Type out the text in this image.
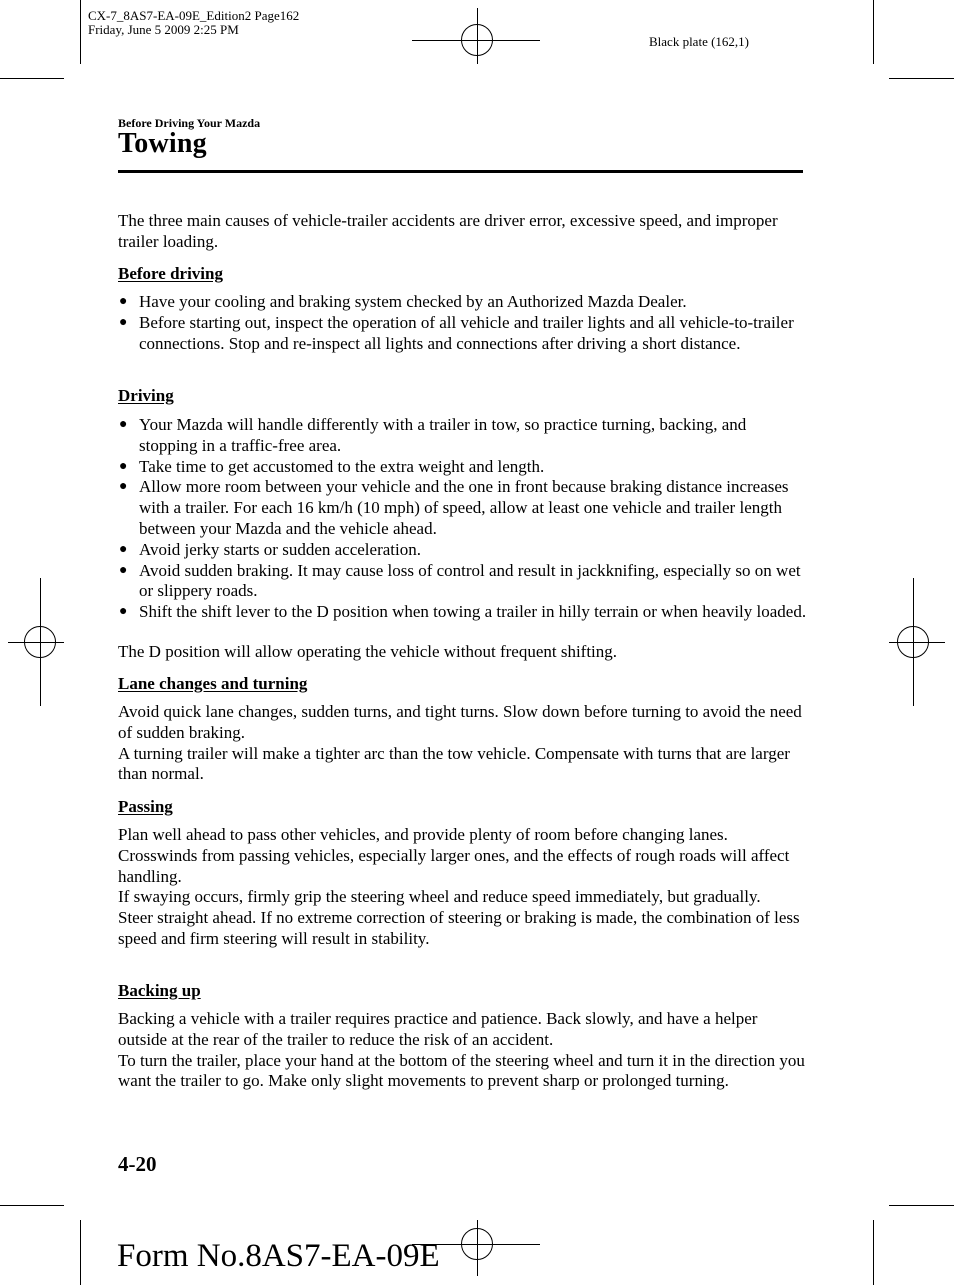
CX-7_8AS7-EA-09E_Edition2 Page162
Friday, June 5 2009 2:25 PM
Black plate (162,1)
Before Driving Your Mazda
Towing
The three main causes of vehicle-trailer accidents are driver error, excessive speed, and improper trailer loading.
Before driving
● Have your cooling and braking system checked by an Authorized Mazda Dealer.
● Before starting out, inspect the operation of all vehicle and trailer lights and all vehicle-to-trailer connections. Stop and re-inspect all lights and connections after driving a short distance.
Driving
● Your Mazda will handle differently with a trailer in tow, so practice turning, backing, and stopping in a traffic-free area.
● Take time to get accustomed to the extra weight and length.
● Allow more room between your vehicle and the one in front because braking distance increases with a trailer. For each 16 km/h (10 mph) of speed, allow at least one vehicle and trailer length between your Mazda and the vehicle ahead.
● Avoid jerky starts or sudden acceleration.
● Avoid sudden braking. It may cause loss of control and result in jackknifing, especially so on wet or slippery roads.
● Shift the shift lever to the D position when towing a trailer in hilly terrain or when heavily loaded.
The D position will allow operating the vehicle without frequent shifting.
Lane changes and turning
Avoid quick lane changes, sudden turns, and tight turns. Slow down before turning to avoid the need of sudden braking.
A turning trailer will make a tighter arc than the tow vehicle. Compensate with turns that are larger than normal.
Passing
Plan well ahead to pass other vehicles, and provide plenty of room before changing lanes.
Crosswinds from passing vehicles, especially larger ones, and the effects of rough roads will affect handling.
If swaying occurs, firmly grip the steering wheel and reduce speed immediately, but gradually.
Steer straight ahead. If no extreme correction of steering or braking is made, the combination of less speed and firm steering will result in stability.
Backing up
Backing a vehicle with a trailer requires practice and patience. Back slowly, and have a helper outside at the rear of the trailer to reduce the risk of an accident.
To turn the trailer, place your hand at the bottom of the steering wheel and turn it in the direction you want the trailer to go. Make only slight movements to prevent sharp or prolonged turning.
4-20
Form No.8AS7-EA-09E
